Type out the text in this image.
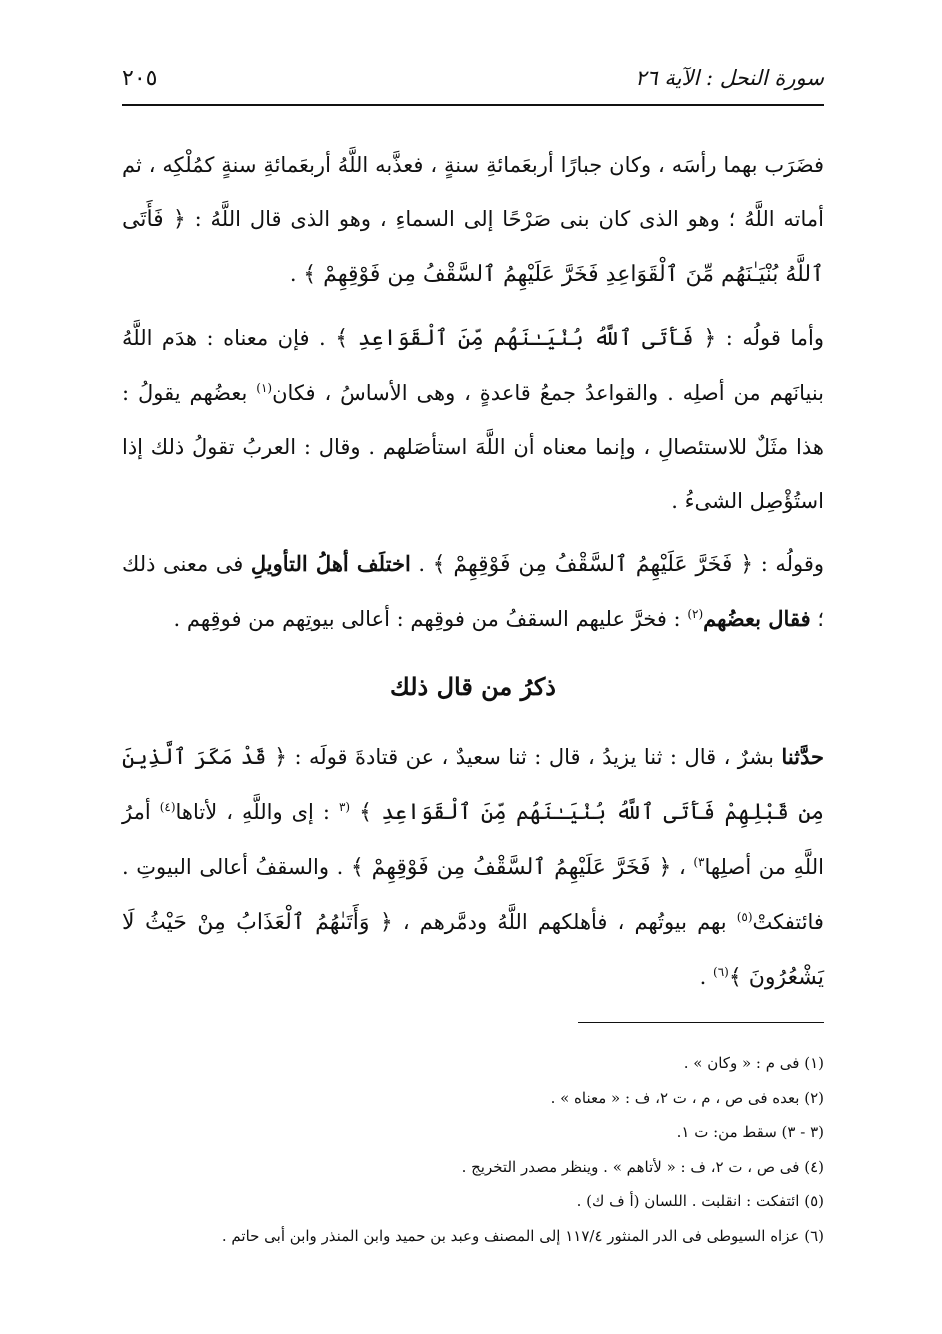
٢٠٥	سورة النحل : الآية ٢٦

فضَرَب بهما رأسَه ، وكان جبارًا أربعَمائةِ سنةٍ ، فعذَّبه اللَّهُ أربعَمائةِ سنةٍ كمُلْكِه ، ثم أماته اللَّهُ ؛ وهو الذى كان بنى صَرْحًا إلى السماءِ ، وهو الذى قال اللَّهُ : ﴿ فَأَتَى ٱللَّهُ بُنْيَـٰنَهُم مِّنَ ٱلْقَوَاعِدِ فَخَرَّ عَلَيْهِمُ ٱلسَّقْفُ مِن فَوْقِهِمْ ﴾ .

وأما قولُه : ﴿ فَأَتَى ٱللَّهُ بُنْيَـٰنَهُم مِّنَ ٱلْقَوَاعِدِ ﴾ . فإن معناه : هدَم اللَّهُ بنيانَهم من أصلِه . والقواعدُ جمعُ قاعدةٍ ، وهى الأساسُ ، فكان$^{(١)}$ بعضُهم يقولُ : هذا مثَلٌ للاستئصالِ ، وإنما معناه أن اللَّهَ استأصَلهم . وقال : العربُ تقولُ ذلك إذا استُؤْصِل الشىءُ .

وقولُه : ﴿ فَخَرَّ عَلَيْهِمُ ٱلسَّقْفُ مِن فَوْقِهِمْ ﴾ . اختلَف أهلُ التأويلِ فى معنى ذلك ؛ فقال بعضُهم$^{(٢)}$ : فخرَّ عليهم السقفُ من فوقِهم : أعالى بيوتِهم من فوقِهم .

ذكرُ من قال ذلك

حدَّثنا بشرٌ ، قال : ثنا يزيدُ ، قال : ثنا سعيدٌ ، عن قتادةَ قولَه : ﴿ قَدْ مَكَرَ ٱلَّذِينَ مِن قَبْلِهِمْ فَأَتَى ٱللَّهُ بُنْيَـٰنَهُم مِّنَ ٱلْقَوَاعِدِ ﴾ $^{(٣}$ : إى واللَّهِ ، لأتاها$^{(٤)}$ أمرُ اللَّهِ من أصلِها$^{٣)}$ ، ﴿ فَخَرَّ عَلَيْهِمُ ٱلسَّقْفُ مِن فَوْقِهِمْ ﴾ . والسقفُ أعالى البيوتِ . فائتفكتْ$^{(٥)}$ بهم بيوتُهم ، فأهلكهم اللَّهُ ودمَّرهم ، ﴿ وَأَتَىٰهُمُ ٱلْعَذَابُ مِنْ حَيْثُ لَا يَشْعُرُونَ ﴾$^{(٦)}$ .

(١) فى م : « وكان » .
(٢) بعده فى ص ، م ، ت ٢، ف : « معناه » .
(٣ - ٣) سقط من: ت ١.
(٤) فى ص ، ت ٢، ف : « لأتاهم » . وينظر مصدر التخريج .
(٥) ائتفكت : انقلبت . اللسان (أ ف ك) .
(٦) عزاه السيوطى فى الدر المنثور ١١٧/٤ إلى المصنف وعبد بن حميد وابن المنذر وابن أبى حاتم .
